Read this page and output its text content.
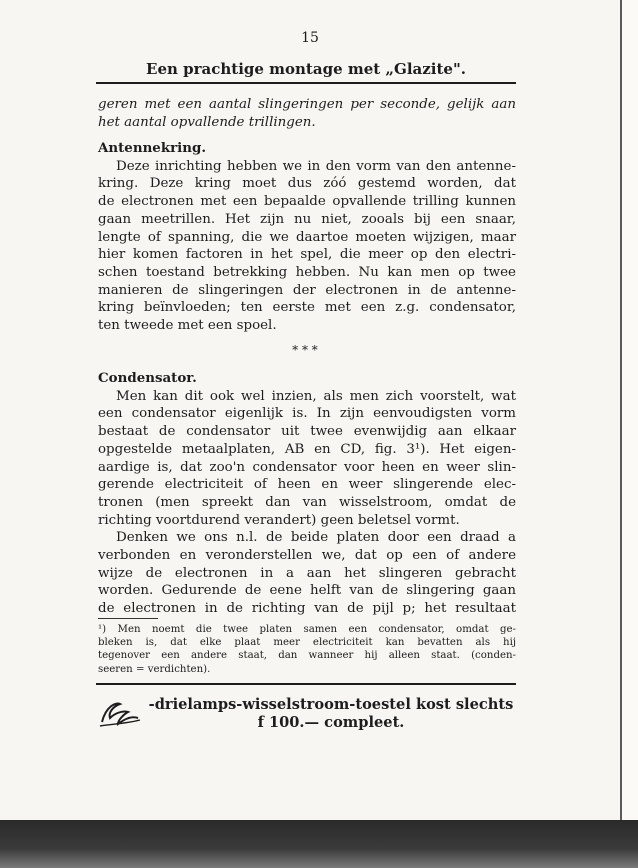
15
Een prachtige montage met „Glazite".
geren met een aantal slingeringen per seconde, gelijk aan
het aantal opvallende trillingen.
Antennekring.
Deze inrichting hebben we in den vorm van den antenne-
kring. Deze kring moet dus zóó gestemd worden, dat
de electronen met een bepaalde opvallende trilling kunnen
gaan meetrillen. Het zijn nu niet, zooals bij een snaar,
lengte of spanning, die we daartoe moeten wijzigen, maar
hier komen factoren in het spel, die meer op den electri-
schen toestand betrekking hebben. Nu kan men op twee
manieren de slingeringen der electronen in de antenne-
kring beïnvloeden; ten eerste met een z.g. condensator,
ten tweede met een spoel.
* * *
Condensator.
Men kan dit ook wel inzien, als men zich voorstelt, wat
een condensator eigenlijk is. In zijn eenvoudigsten vorm
bestaat de condensator uit twee evenwijdig aan elkaar
opgestelde metaalplaten, AB en CD, fig. 3¹). Het eigen-
aardige is, dat zoo'n condensator voor heen en weer slin-
gerende electriciteit of heen en weer slingerende elec-
tronen (men spreekt dan van wisselstroom, omdat de
richting voortdurend verandert) geen beletsel vormt.
Denken we ons n.l. de beide platen door een draad a
verbonden en veronderstellen we, dat op een of andere
wijze de electronen in a aan het slingeren gebracht
worden. Gedurende de eene helft van de slingering gaan
de electronen in de richting van de pijl p; het resultaat
¹) Men noemt die twee platen samen een condensator, omdat ge-
bleken is, dat elke plaat meer electriciteit kan bevatten als hij
tegenover een andere staat, dan wanneer hij alleen staat. (conden-
seeren = verdichten).
-drielamps-wisselstroom-toestel kost slechts
f 100.— compleet.
